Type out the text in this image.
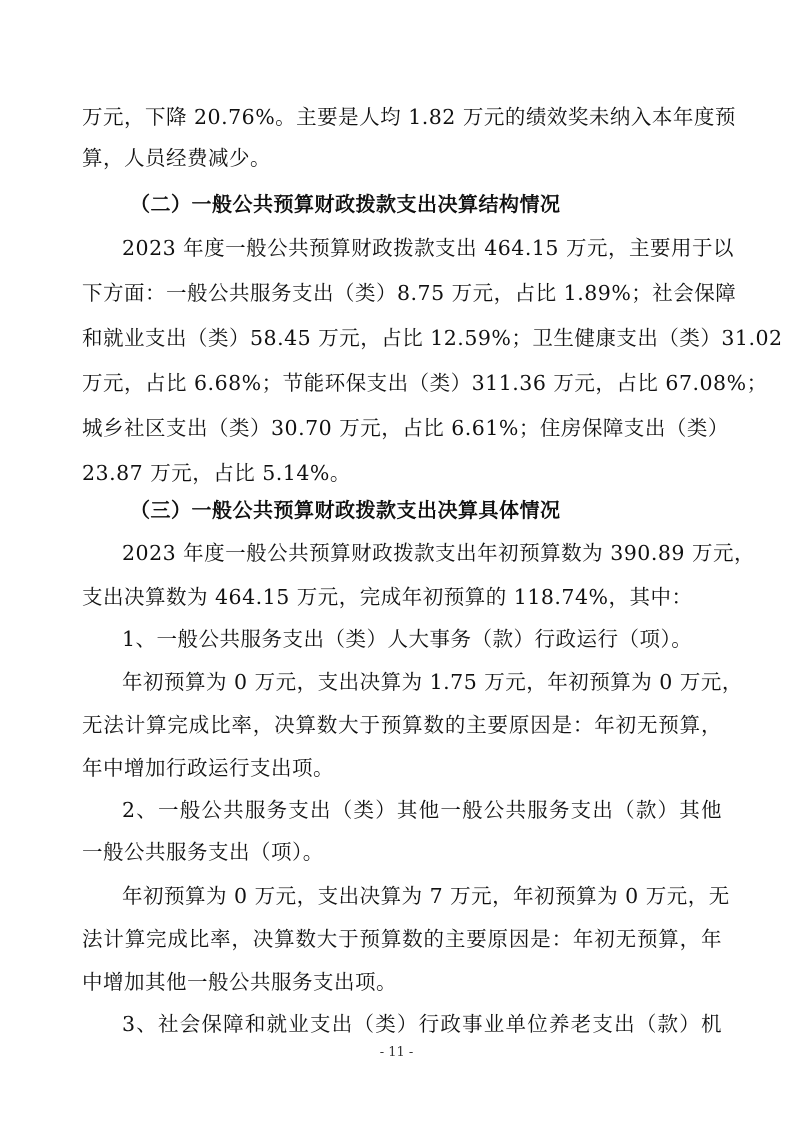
万元，下降 20.76%。主要是人均 1.82 万元的绩效奖未纳入本年度预
算，人员经费减少。
（二）一般公共预算财政拨款支出决算结构情况
2023 年度一般公共预算财政拨款支出 464.15 万元，主要用于以
下方面：一般公共服务支出（类）8.75 万元，占比 1.89%；社会保障
和就业支出（类）58.45 万元，占比 12.59%；卫生健康支出（类）31.02
万元，占比 6.68%；节能环保支出（类）311.36 万元，占比 67.08%；
城乡社区支出（类）30.70 万元，占比 6.61%；住房保障支出（类）
23.87 万元，占比 5.14%。
（三）一般公共预算财政拨款支出决算具体情况
2023 年度一般公共预算财政拨款支出年初预算数为 390.89 万元，
支出决算数为 464.15 万元，完成年初预算的 118.74%，其中：
1、一般公共服务支出（类）人大事务（款）行政运行（项）。
年初预算为 0 万元，支出决算为 1.75 万元，年初预算为 0 万元，
无法计算完成比率，决算数大于预算数的主要原因是：年初无预算，
年中增加行政运行支出项。
2、一般公共服务支出（类）其他一般公共服务支出（款）其他
一般公共服务支出（项）。
年初预算为 0 万元，支出决算为 7 万元，年初预算为 0 万元，无
法计算完成比率，决算数大于预算数的主要原因是：年初无预算，年
中增加其他一般公共服务支出项。
3、社会保障和就业支出（类）行政事业单位养老支出（款）机
- 11 -
